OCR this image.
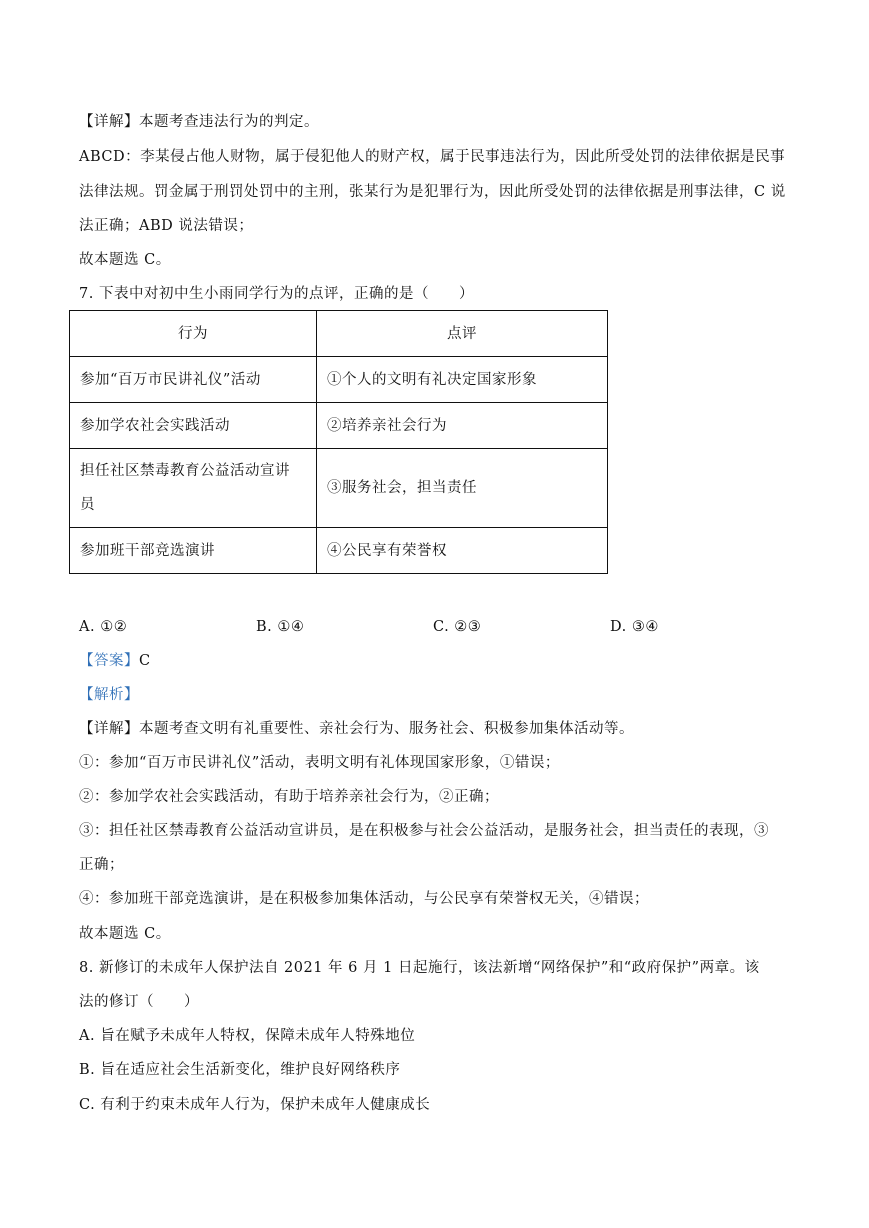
【详解】本题考查违法行为的判定。
ABCD：李某侵占他人财物，属于侵犯他人的财产权，属于民事违法行为，因此所受处罚的法律依据是民事
法律法规。罚金属于刑罚处罚中的主刑，张某行为是犯罪行为，因此所受处罚的法律依据是刑事法律，C 说
法正确；ABD 说法错误；
故本题选 C。
7. 下表中对初中生小雨同学行为的点评，正确的是（　　）
行为	点评
参加“百万市民讲礼仪”活动	①个人的文明有礼决定国家形象
参加学农社会实践活动	②培养亲社会行为
担任社区禁毒教育公益活动宣讲
员	③服务社会，担当责任
参加班干部竞选演讲	④公民享有荣誉权
A. ①②	B. ①④	C. ②③	D. ③④
【答案】C
【解析】
【详解】本题考查文明有礼重要性、亲社会行为、服务社会、积极参加集体活动等。
①：参加“百万市民讲礼仪”活动，表明文明有礼体现国家形象，①错误；
②：参加学农社会实践活动，有助于培养亲社会行为，②正确；
③：担任社区禁毒教育公益活动宣讲员，是在积极参与社会公益活动，是服务社会，担当责任的表现，③
正确；
④：参加班干部竞选演讲，是在积极参加集体活动，与公民享有荣誉权无关，④错误；
故本题选 C。
8. 新修订的未成年人保护法自 2021 年 6 月 1 日起施行，该法新增“网络保护”和“政府保护”两章。该
法的修订（　　）
A. 旨在赋予未成年人特权，保障未成年人特殊地位
B. 旨在适应社会生活新变化，维护良好网络秩序
C. 有利于约束未成年人行为，保护未成年人健康成长
